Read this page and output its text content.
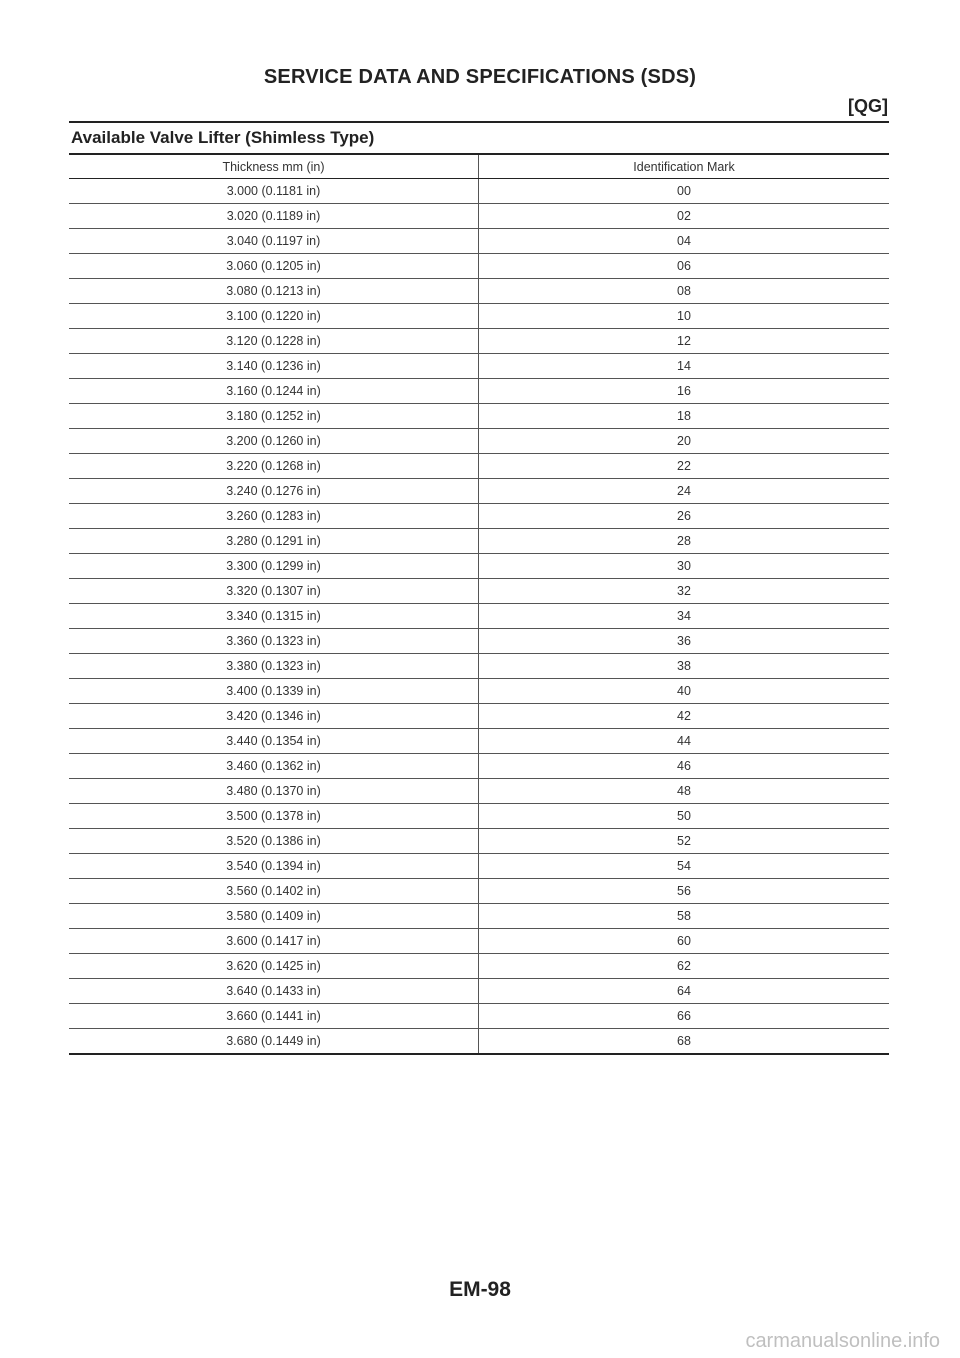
SERVICE DATA AND SPECIFICATIONS (SDS)
[QG]
Available Valve Lifter (Shimless Type)
Thickness mm (in)	Identification Mark
3.000 (0.1181 in)	00
3.020 (0.1189 in)	02
3.040 (0.1197 in)	04
3.060 (0.1205 in)	06
3.080 (0.1213 in)	08
3.100 (0.1220 in)	10
3.120 (0.1228 in)	12
3.140 (0.1236 in)	14
3.160 (0.1244 in)	16
3.180 (0.1252 in)	18
3.200 (0.1260 in)	20
3.220 (0.1268 in)	22
3.240 (0.1276 in)	24
3.260 (0.1283 in)	26
3.280 (0.1291 in)	28
3.300 (0.1299 in)	30
3.320 (0.1307 in)	32
3.340 (0.1315 in)	34
3.360 (0.1323 in)	36
3.380 (0.1323 in)	38
3.400 (0.1339 in)	40
3.420 (0.1346 in)	42
3.440 (0.1354 in)	44
3.460 (0.1362 in)	46
3.480 (0.1370 in)	48
3.500 (0.1378 in)	50
3.520 (0.1386 in)	52
3.540 (0.1394 in)	54
3.560 (0.1402 in)	56
3.580 (0.1409 in)	58
3.600 (0.1417 in)	60
3.620 (0.1425 in)	62
3.640 (0.1433 in)	64
3.660 (0.1441 in)	66
3.680 (0.1449 in)	68
EM-98
carmanualsonline.info
